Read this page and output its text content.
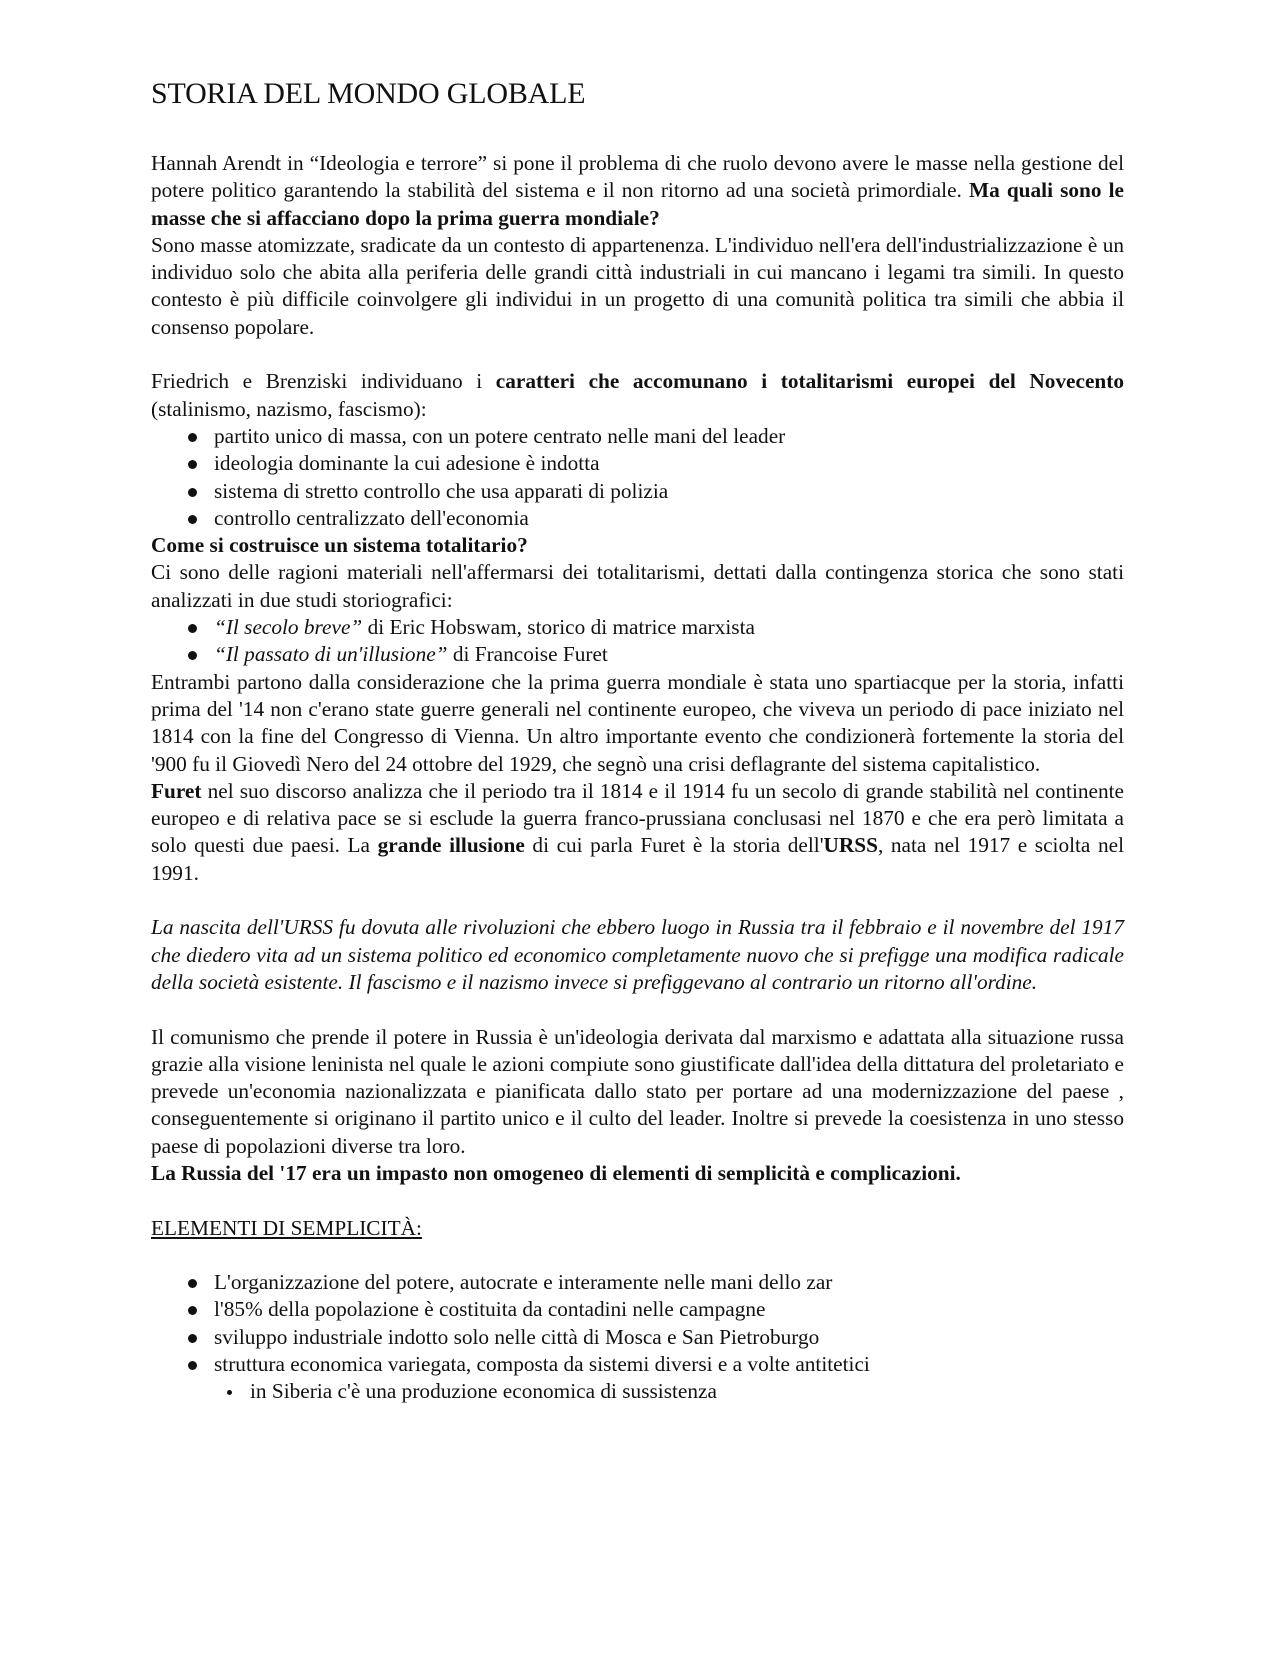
STORIA DEL MONDO GLOBALE

Hannah Arendt in “Ideologia e terrore” si pone il problema di che ruolo devono avere le masse nella gestione del potere politico garantendo la stabilità del sistema e il non ritorno ad una società primordiale. Ma quali sono le masse che si affacciano dopo la prima guerra mondiale?

Sono masse atomizzate, sradicate da un contesto di appartenenza. L'individuo nell'era dell'industrializzazione è un individuo solo che abita alla periferia delle grandi città industriali in cui mancano i legami tra simili. In questo contesto è più difficile coinvolgere gli individui in un progetto di una comunità politica tra simili che abbia il consenso popolare.

Friedrich e Brenziski individuano i caratteri che accomunano i totalitarismi europei del Novecento (stalinismo, nazismo, fascismo):

partito unico di massa, con un potere centrato nelle mani del leader
ideologia dominante la cui adesione è indotta
sistema di stretto controllo che usa apparati di polizia
controllo centralizzato dell'economia

Come si costruisce un sistema totalitario?

Ci sono delle ragioni materiali nell'affermarsi dei totalitarismi, dettati dalla contingenza storica che sono stati analizzati in due studi storiografici:

“Il secolo breve” di Eric Hobswam, storico di matrice marxista
“Il passato di un'illusione” di Francoise Furet

Entrambi partono dalla considerazione che la prima guerra mondiale è stata uno spartiacque per la storia, infatti prima del '14 non c'erano state guerre generali nel continente europeo, che viveva un periodo di pace iniziato nel 1814 con la fine del Congresso di Vienna. Un altro importante evento che condizionerà fortemente la storia del '900 fu il Giovedì Nero del 24 ottobre del 1929, che segnò una crisi deflagrante del sistema capitalistico.

Furet nel suo discorso analizza che il periodo tra il 1814 e il 1914 fu un secolo di grande stabilità nel continente europeo e di relativa pace se si esclude la guerra franco-prussiana conclusasi nel 1870 e che era però limitata a solo questi due paesi. La grande illusione di cui parla Furet è la storia dell'URSS, nata nel 1917 e sciolta nel 1991.

La nascita dell'URSS fu dovuta alle rivoluzioni che ebbero luogo in Russia tra il febbraio e il novembre del 1917 che diedero vita ad un sistema politico ed economico completamente nuovo che si prefigge una modifica radicale della società esistente. Il fascismo e il nazismo invece si prefiggevano al contrario un ritorno all'ordine.

Il comunismo che prende il potere in Russia è un'ideologia derivata dal marxismo e adattata alla situazione russa grazie alla visione leninista nel quale le azioni compiute sono giustificate dall'idea della dittatura del proletariato e prevede un'economia nazionalizzata e pianificata dallo stato per portare ad una modernizzazione del paese , conseguentemente si originano il partito unico e il culto del leader. Inoltre si prevede la coesistenza in uno stesso paese di popolazioni diverse tra loro.

La Russia del '17 era un impasto non omogeneo di elementi di semplicità e complicazioni.

ELEMENTI DI SEMPLICITÀ:

L'organizzazione del potere, autocrate e interamente nelle mani dello zar
l'85% della popolazione è costituita da contadini nelle campagne
sviluppo industriale indotto solo nelle città di Mosca e San Pietroburgo
struttura economica variegata, composta da sistemi diversi e a volte antitetici
in Siberia c'è una produzione economica di sussistenza
